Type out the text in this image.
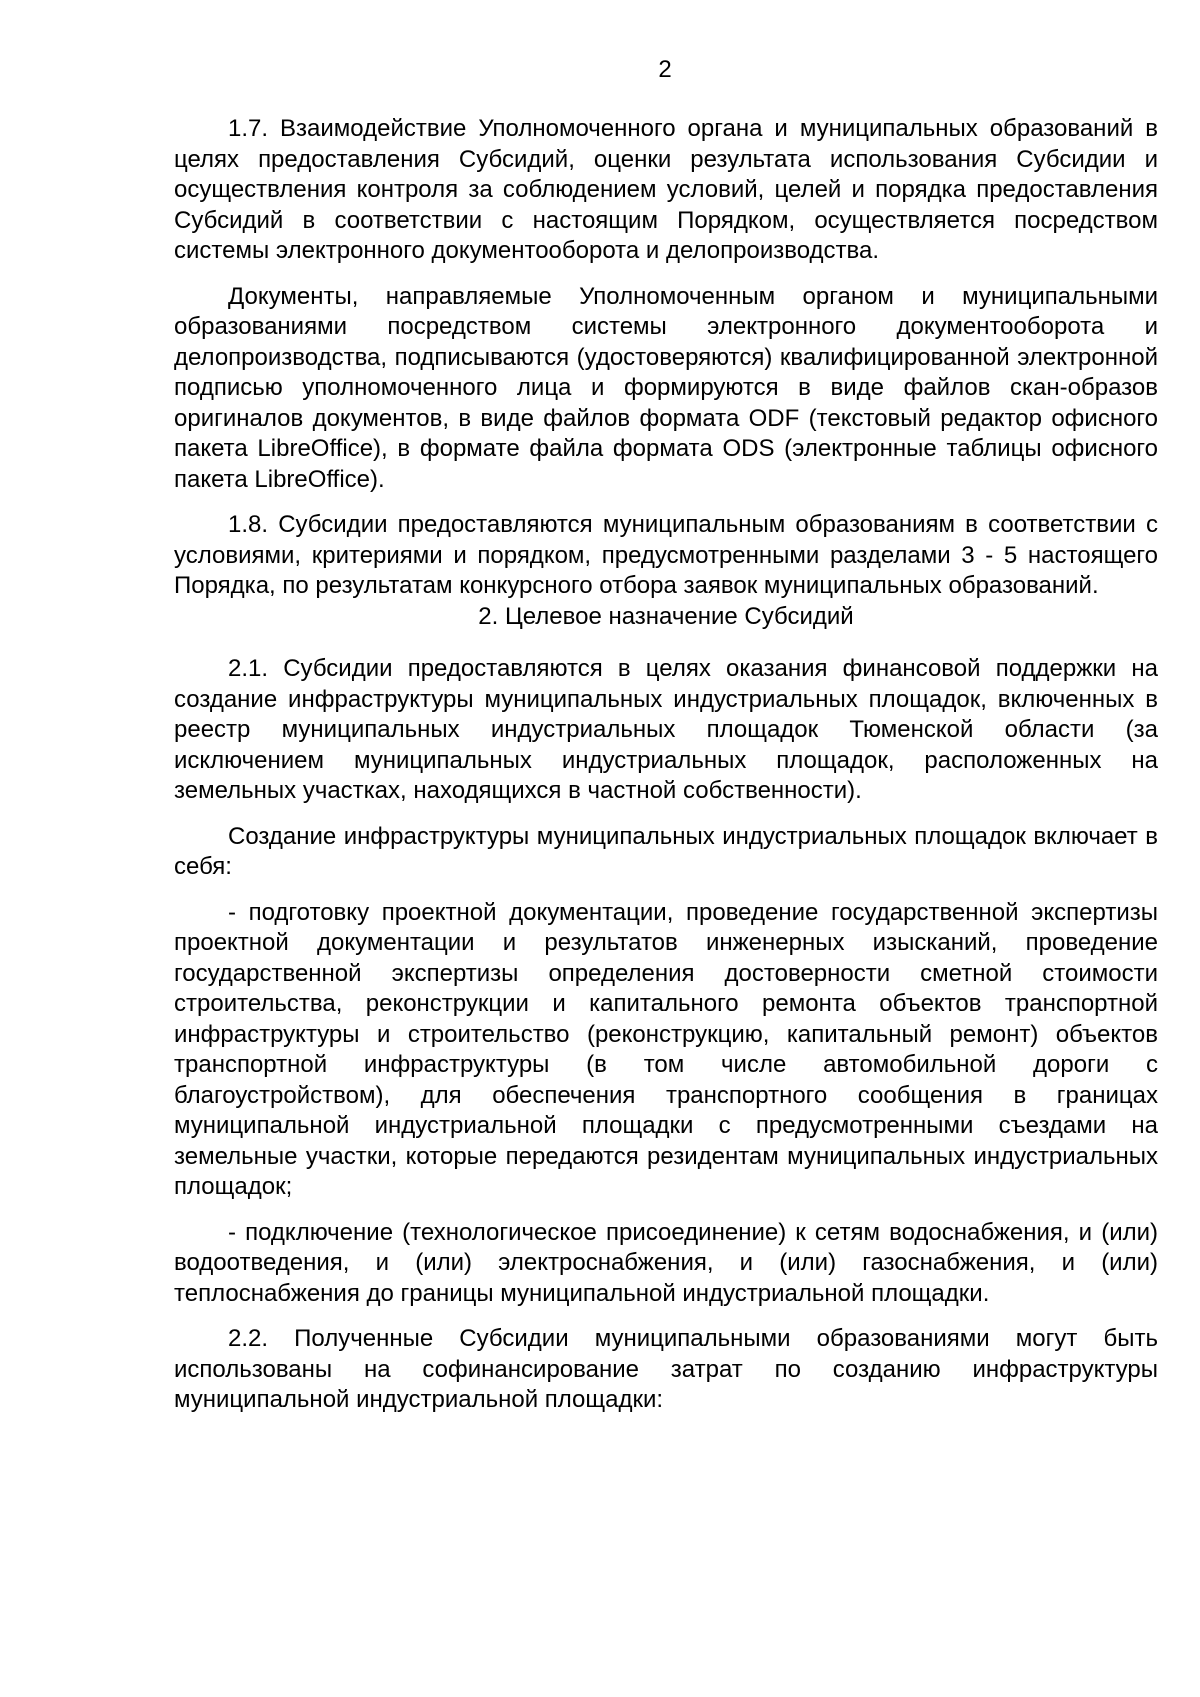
2

1.7. Взаимодействие Уполномоченного органа и муниципальных образований в целях предоставления Субсидий, оценки результата использования Субсидии и осуществления контроля за соблюдением условий, целей и порядка предоставления Субсидий в соответствии с настоящим Порядком, осуществляется посредством системы электронного документооборота и делопроизводства.

Документы, направляемые Уполномоченным органом и муниципальными образованиями посредством системы электронного документооборота и делопроизводства, подписываются (удостоверяются) квалифицированной электронной подписью уполномоченного лица и формируются в виде файлов скан-образов оригиналов документов, в виде файлов формата ODF (текстовый редактор офисного пакета LibreOffice), в формате файла формата ODS (электронные таблицы офисного пакета LibreOffice).

1.8. Субсидии предоставляются муниципальным образованиям в соответствии с условиями, критериями и порядком, предусмотренными разделами 3 - 5 настоящего Порядка, по результатам конкурсного отбора заявок муниципальных образований.

2. Целевое назначение Субсидий

2.1. Субсидии предоставляются в целях оказания финансовой поддержки на создание инфраструктуры муниципальных индустриальных площадок, включенных в реестр муниципальных индустриальных площадок Тюменской области (за исключением муниципальных индустриальных площадок, расположенных на земельных участках, находящихся в частной собственности).

Создание инфраструктуры муниципальных индустриальных площадок включает в себя:

- подготовку проектной документации, проведение государственной экспертизы проектной документации и результатов инженерных изысканий, проведение государственной экспертизы определения достоверности сметной стоимости строительства, реконструкции и капитального ремонта объектов транспортной инфраструктуры и строительство (реконструкцию, капитальный ремонт) объектов транспортной инфраструктуры (в том числе автомобильной дороги с благоустройством), для обеспечения транспортного сообщения в границах муниципальной индустриальной площадки с предусмотренными съездами на земельные участки, которые передаются резидентам муниципальных индустриальных площадок;

- подключение (технологическое присоединение) к сетям водоснабжения, и (или) водоотведения, и (или) электроснабжения, и (или) газоснабжения, и (или) теплоснабжения до границы муниципальной индустриальной площадки.

2.2. Полученные Субсидии муниципальными образованиями могут быть использованы на софинансирование затрат по созданию инфраструктуры муниципальной индустриальной площадки:
